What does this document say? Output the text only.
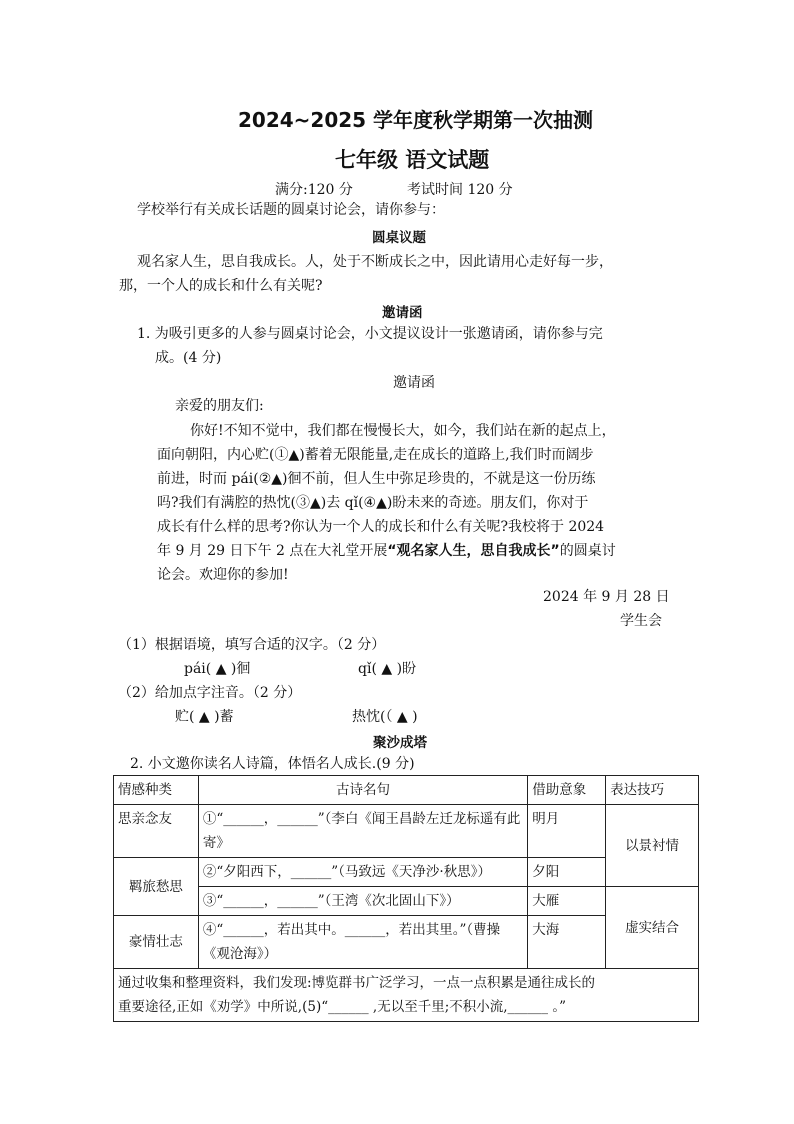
2024~2025 学年度秋学期第一次抽测
七年级 语文试题
满分:120 分	考试时间 120 分
学校举行有关成长话题的圆桌讨论会，请你参与：
圆桌议题
观名家人生，思自我成长。人，处于不断成长之中，因此请用心走好每一步，
那，一个人的成长和什么有关呢?
邀请函
1. 为吸引更多的人参与圆桌讨论会，小文提议设计一张邀请函，请你参与完
成。(4 分)
邀请函
亲爱的朋友们:
你好!不知不觉中，我们都在慢慢长大，如今，我们站在新的起点上，
面向朝阳，内心贮(①▲)蓄着无限能量,走在成长的道路上,我们时而阔步
前进，时而 pái(②▲)徊不前，但人生中弥足珍贵的，不就是这一份历练
吗?我们有满腔的热忱(③▲)去 qǐ(④▲)盼未来的奇迹。朋友们，你对于
成长有什么样的思考?你认为一个人的成长和什么有关呢?我校将于 2024
年 9 月 29 日下午 2 点在大礼堂开展“观名家人生，思自我成长”的圆桌讨
论会。欢迎你的参加!
2024 年 9 月 28 日
学生会
（1）根据语境，填写合适的汉字。（2 分）
pái( ▲ )徊	qǐ( ▲ )盼
（2）给加点字注音。（2 分）
贮( ▲ )蓄	热忱(（ ▲ )
聚沙成塔
2. 小文邀你读名人诗篇，体悟名人成长.(9 分)
情感种类	古诗名句	借助意象	表达技巧
思亲念友	①“______，______”（李白《闻王昌龄左迁龙标遥有此寄》	明月	以景衬情
羁旅愁思	②“夕阳西下，______”（马致远《天净沙·秋思》）	夕阳	
	③“______，______”（王湾《次北固山下》）	大雁	虚实结合
豪情壮志	④“______，若出其中。______，若出其里。”（曹操《观沧海》）	大海	

通过收集和整理资料，我们发现:博览群书广泛学习，一点一点积累是通往成长的
重要途径,正如《劝学》中所说,(5)“______ ,无以至千里;不积小流,______ 。”			
